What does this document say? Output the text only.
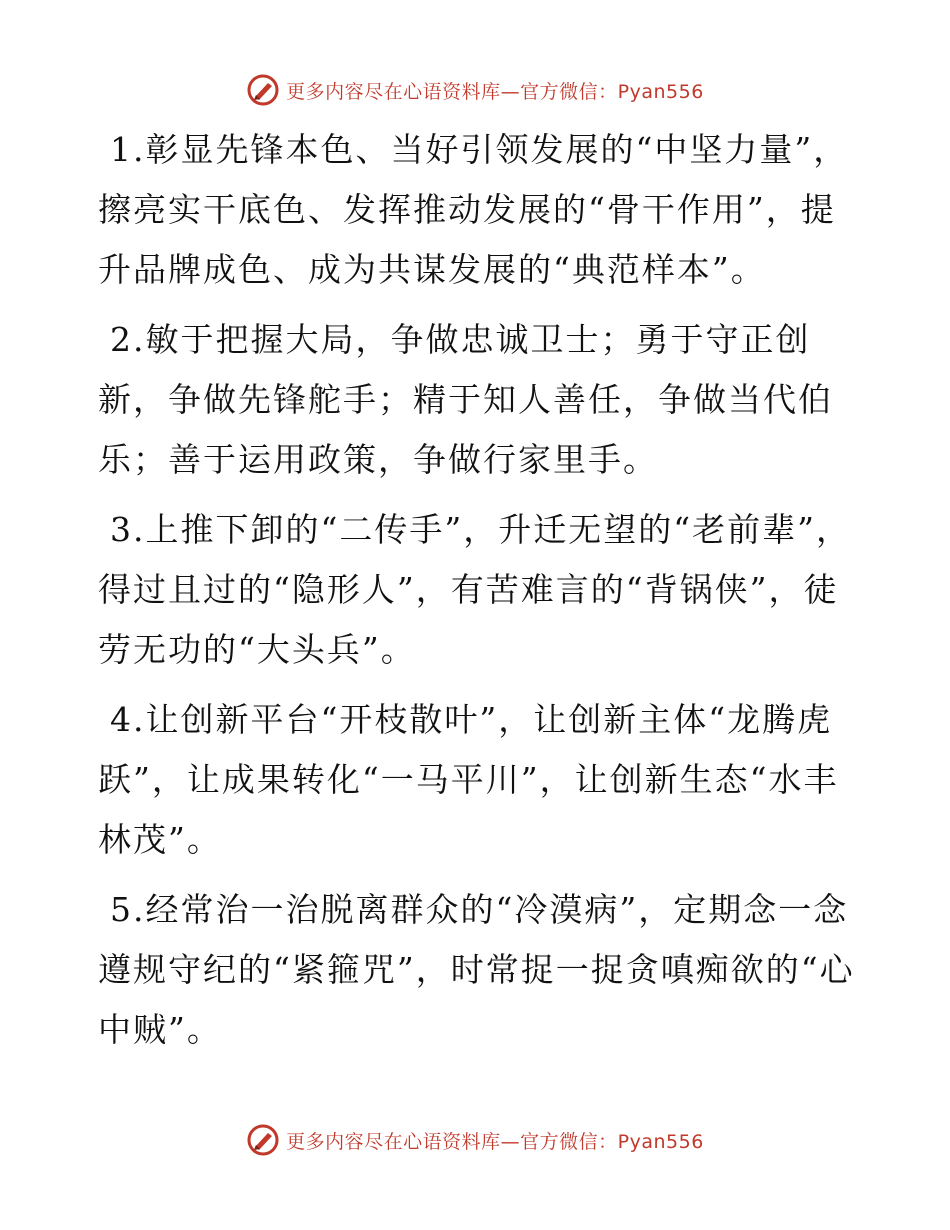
更多内容尽在心语资料库—官方微信：Pyan556

1.彰显先锋本色、当好引领发展的“中坚力量”，擦亮实干底色、发挥推动发展的“骨干作用”，提升品牌成色、成为共谋发展的“典范样本”。

2.敏于把握大局，争做忠诚卫士；勇于守正创新，争做先锋舵手；精于知人善任，争做当代伯乐；善于运用政策，争做行家里手。

3.上推下卸的“二传手”，升迁无望的“老前辈”，得过且过的“隐形人”，有苦难言的“背锅侠”，徒劳无功的“大头兵”。

4.让创新平台“开枝散叶”，让创新主体“龙腾虎跃”，让成果转化“一马平川”，让创新生态“水丰林茂”。

5.经常治一治脱离群众的“冷漠病”，定期念一念遵规守纪的“紧箍咒”，时常捉一捉贪嗔痴欲的“心中贼”。

更多内容尽在心语资料库—官方微信：Pyan556
